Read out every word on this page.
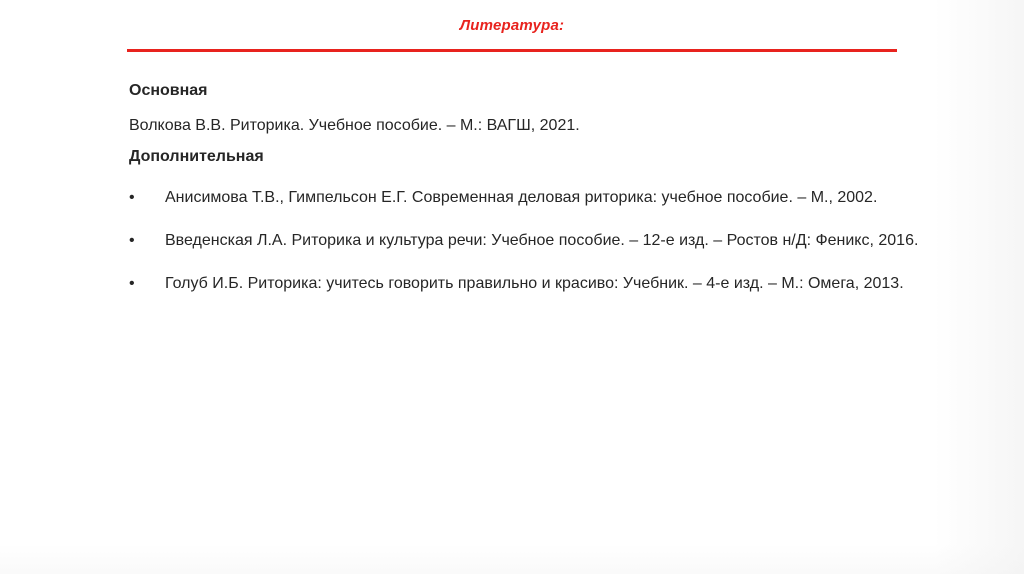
Литература:
Основная
Волкова В.В. Риторика. Учебное пособие. – М.: ВАГШ, 2021.
Дополнительная
• Анисимова Т.В., Гимпельсон Е.Г. Современная деловая риторика: учебное пособие. – М., 2002.
• Введенская Л.А. Риторика и культура речи: Учебное пособие. – 12-е изд. – Ростов н/Д: Феникс, 2016.
• Голуб И.Б. Риторика: учитесь говорить правильно и красиво: Учебник. – 4-е изд. – М.: Омега, 2013.
